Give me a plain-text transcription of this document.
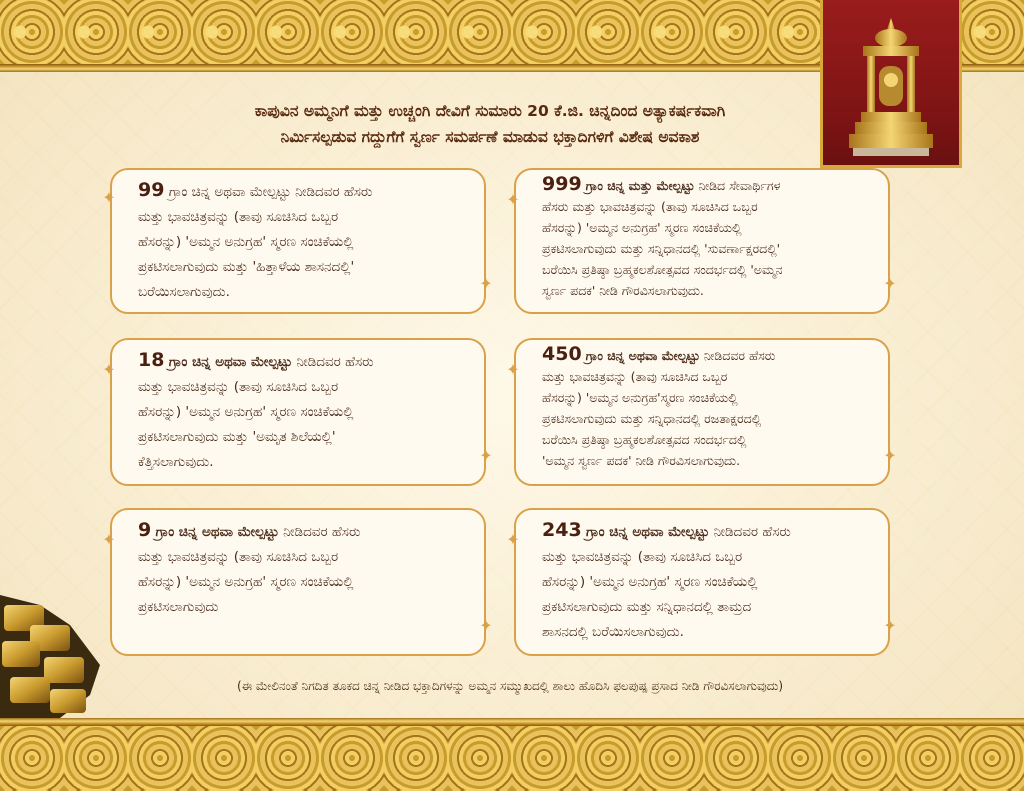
ಕಾಪುವಿನ ಅಮ್ಮನಿಗೆ ಮತ್ತು ಉಚ್ಚಂಗಿ ದೇವಿಗೆ ಸುಮಾರು 20 ಕೆ.ಜಿ. ಚಿನ್ನದಿಂದ ಅತ್ಯಾಕರ್ಷಕವಾಗಿ
ನಿರ್ಮಿಸಲ್ಪಡುವ ಗದ್ದುಗೆಗೆ ಸ್ವರ್ಣ ಸಮರ್ಪಣೆ ಮಾಡುವ ಭಕ್ತಾದಿಗಳಿಗೆ ವಿಶೇಷ ಅವಕಾಶ
99 ಗ್ರಾಂ ಚಿನ್ನ ಅಥವಾ ಮೇಲ್ಪಟ್ಟು ನೀಡಿದವರ ಹೆಸರು
ಮತ್ತು ಭಾವಚಿತ್ರವನ್ನು (ತಾವು ಸೂಚಿಸಿದ ಒಬ್ಬರ
ಹೆಸರನ್ನು) 'ಅಮ್ಮನ ಅನುಗ್ರಹ' ಸ್ಮರಣ ಸಂಚಿಕೆಯಲ್ಲಿ
ಪ್ರಕಟಿಸಲಾಗುವುದು ಮತ್ತು 'ಹಿತ್ತಾಳೆಯ ಶಾಸನದಲ್ಲಿ'
ಬರೆಯಿಸಲಾಗುವುದು.
999 ಗ್ರಾಂ ಚಿನ್ನ ಮತ್ತು ಮೇಲ್ಪಟ್ಟು ನೀಡಿದ ಸೇವಾರ್ಥಿಗಳ
ಹೆಸರು ಮತ್ತು ಭಾವಚಿತ್ರವನ್ನು (ತಾವು ಸೂಚಿಸಿದ ಒಬ್ಬರ
ಹೆಸರನ್ನು) 'ಅಮ್ಮನ ಅನುಗ್ರಹ' ಸ್ಮರಣ ಸಂಚಿಕೆಯಲ್ಲಿ
ಪ್ರಕಟಿಸಲಾಗುವುದು ಮತ್ತು ಸನ್ನಿಧಾನದಲ್ಲಿ 'ಸುವರ್ಣಾಕ್ಷರದಲ್ಲಿ'
ಬರೆಯಿಸಿ ಪ್ರತಿಷ್ಠಾ ಬ್ರಹ್ಮಕಲಶೋತ್ಸವದ ಸಂದರ್ಭದಲ್ಲಿ 'ಅಮ್ಮನ
ಸ್ವರ್ಣ ಪದಕ' ನೀಡಿ ಗೌರವಿಸಲಾಗುವುದು.
18 ಗ್ರಾಂ ಚಿನ್ನ ಅಥವಾ ಮೇಲ್ಪಟ್ಟು ನೀಡಿದವರ ಹೆಸರು
ಮತ್ತು ಭಾವಚಿತ್ರವನ್ನು (ತಾವು ಸೂಚಿಸಿದ ಒಬ್ಬರ
ಹೆಸರನ್ನು) 'ಅಮ್ಮನ ಅನುಗ್ರಹ' ಸ್ಮರಣ ಸಂಚಿಕೆಯಲ್ಲಿ
ಪ್ರಕಟಿಸಲಾಗುವುದು ಮತ್ತು 'ಅಮೃತ ಶಿಲೆಯಲ್ಲಿ'
ಕೆತ್ತಿಸಲಾಗುವುದು.
450 ಗ್ರಾಂ ಚಿನ್ನ ಅಥವಾ ಮೇಲ್ಪಟ್ಟು ನೀಡಿದವರ ಹೆಸರು
ಮತ್ತು ಭಾವಚಿತ್ರವನ್ನು (ತಾವು ಸೂಚಿಸಿದ ಒಬ್ಬರ
ಹೆಸರನ್ನು) 'ಅಮ್ಮನ ಅನುಗ್ರಹ'ಸ್ಮರಣ ಸಂಚಿಕೆಯಲ್ಲಿ
ಪ್ರಕಟಿಸಲಾಗುವುದು ಮತ್ತು ಸನ್ನಿಧಾನದಲ್ಲಿ ರಜತಾಕ್ಷರದಲ್ಲಿ
ಬರೆಯಿಸಿ ಪ್ರತಿಷ್ಠಾ ಬ್ರಹ್ಮಕಲಶೋತ್ಸವದ ಸಂದರ್ಭದಲ್ಲಿ
'ಅಮ್ಮನ ಸ್ವರ್ಣ ಪದಕ' ನೀಡಿ ಗೌರವಿಸಲಾಗುವುದು.
9 ಗ್ರಾಂ ಚಿನ್ನ ಅಥವಾ ಮೇಲ್ಪಟ್ಟು ನೀಡಿದವರ ಹೆಸರು
ಮತ್ತು ಭಾವಚಿತ್ರವನ್ನು (ತಾವು ಸೂಚಿಸಿದ ಒಬ್ಬರ
ಹೆಸರನ್ನು) 'ಅಮ್ಮನ ಅನುಗ್ರಹ' ಸ್ಮರಣ ಸಂಚಿಕೆಯಲ್ಲಿ
ಪ್ರಕಟಿಸಲಾಗುವುದು
243 ಗ್ರಾಂ ಚಿನ್ನ ಅಥವಾ ಮೇಲ್ಪಟ್ಟು ನೀಡಿದವರ ಹೆಸರು
ಮತ್ತು ಭಾವಚಿತ್ರವನ್ನು (ತಾವು ಸೂಚಿಸಿದ ಒಬ್ಬರ
ಹೆಸರನ್ನು) 'ಅಮ್ಮನ ಅನುಗ್ರಹ' ಸ್ಮರಣ ಸಂಚಿಕೆಯಲ್ಲಿ
ಪ್ರಕಟಿಸಲಾಗುವುದು ಮತ್ತು ಸನ್ನಿಧಾನದಲ್ಲಿ ತಾಮ್ರದ
ಶಾಸನದಲ್ಲಿ ಬರೆಯಿಸಲಾಗುವುದು.
✦
✦
✦
✦
✦
✦
✦
✦
✦
✦
✦
✦
(ಈ ಮೇಲಿನಂತೆ ನಿಗದಿತ ತೂಕದ ಚಿನ್ನ ನೀಡಿದ ಭಕ್ತಾದಿಗಳನ್ನು ಅಮ್ಮನ ಸಮ್ಮುಖದಲ್ಲಿ ಶಾಲು ಹೊದಿಸಿ ಫಲಪುಷ್ಪ ಪ್ರಸಾದ ನೀಡಿ ಗೌರವಿಸಲಾಗುವುದು)
